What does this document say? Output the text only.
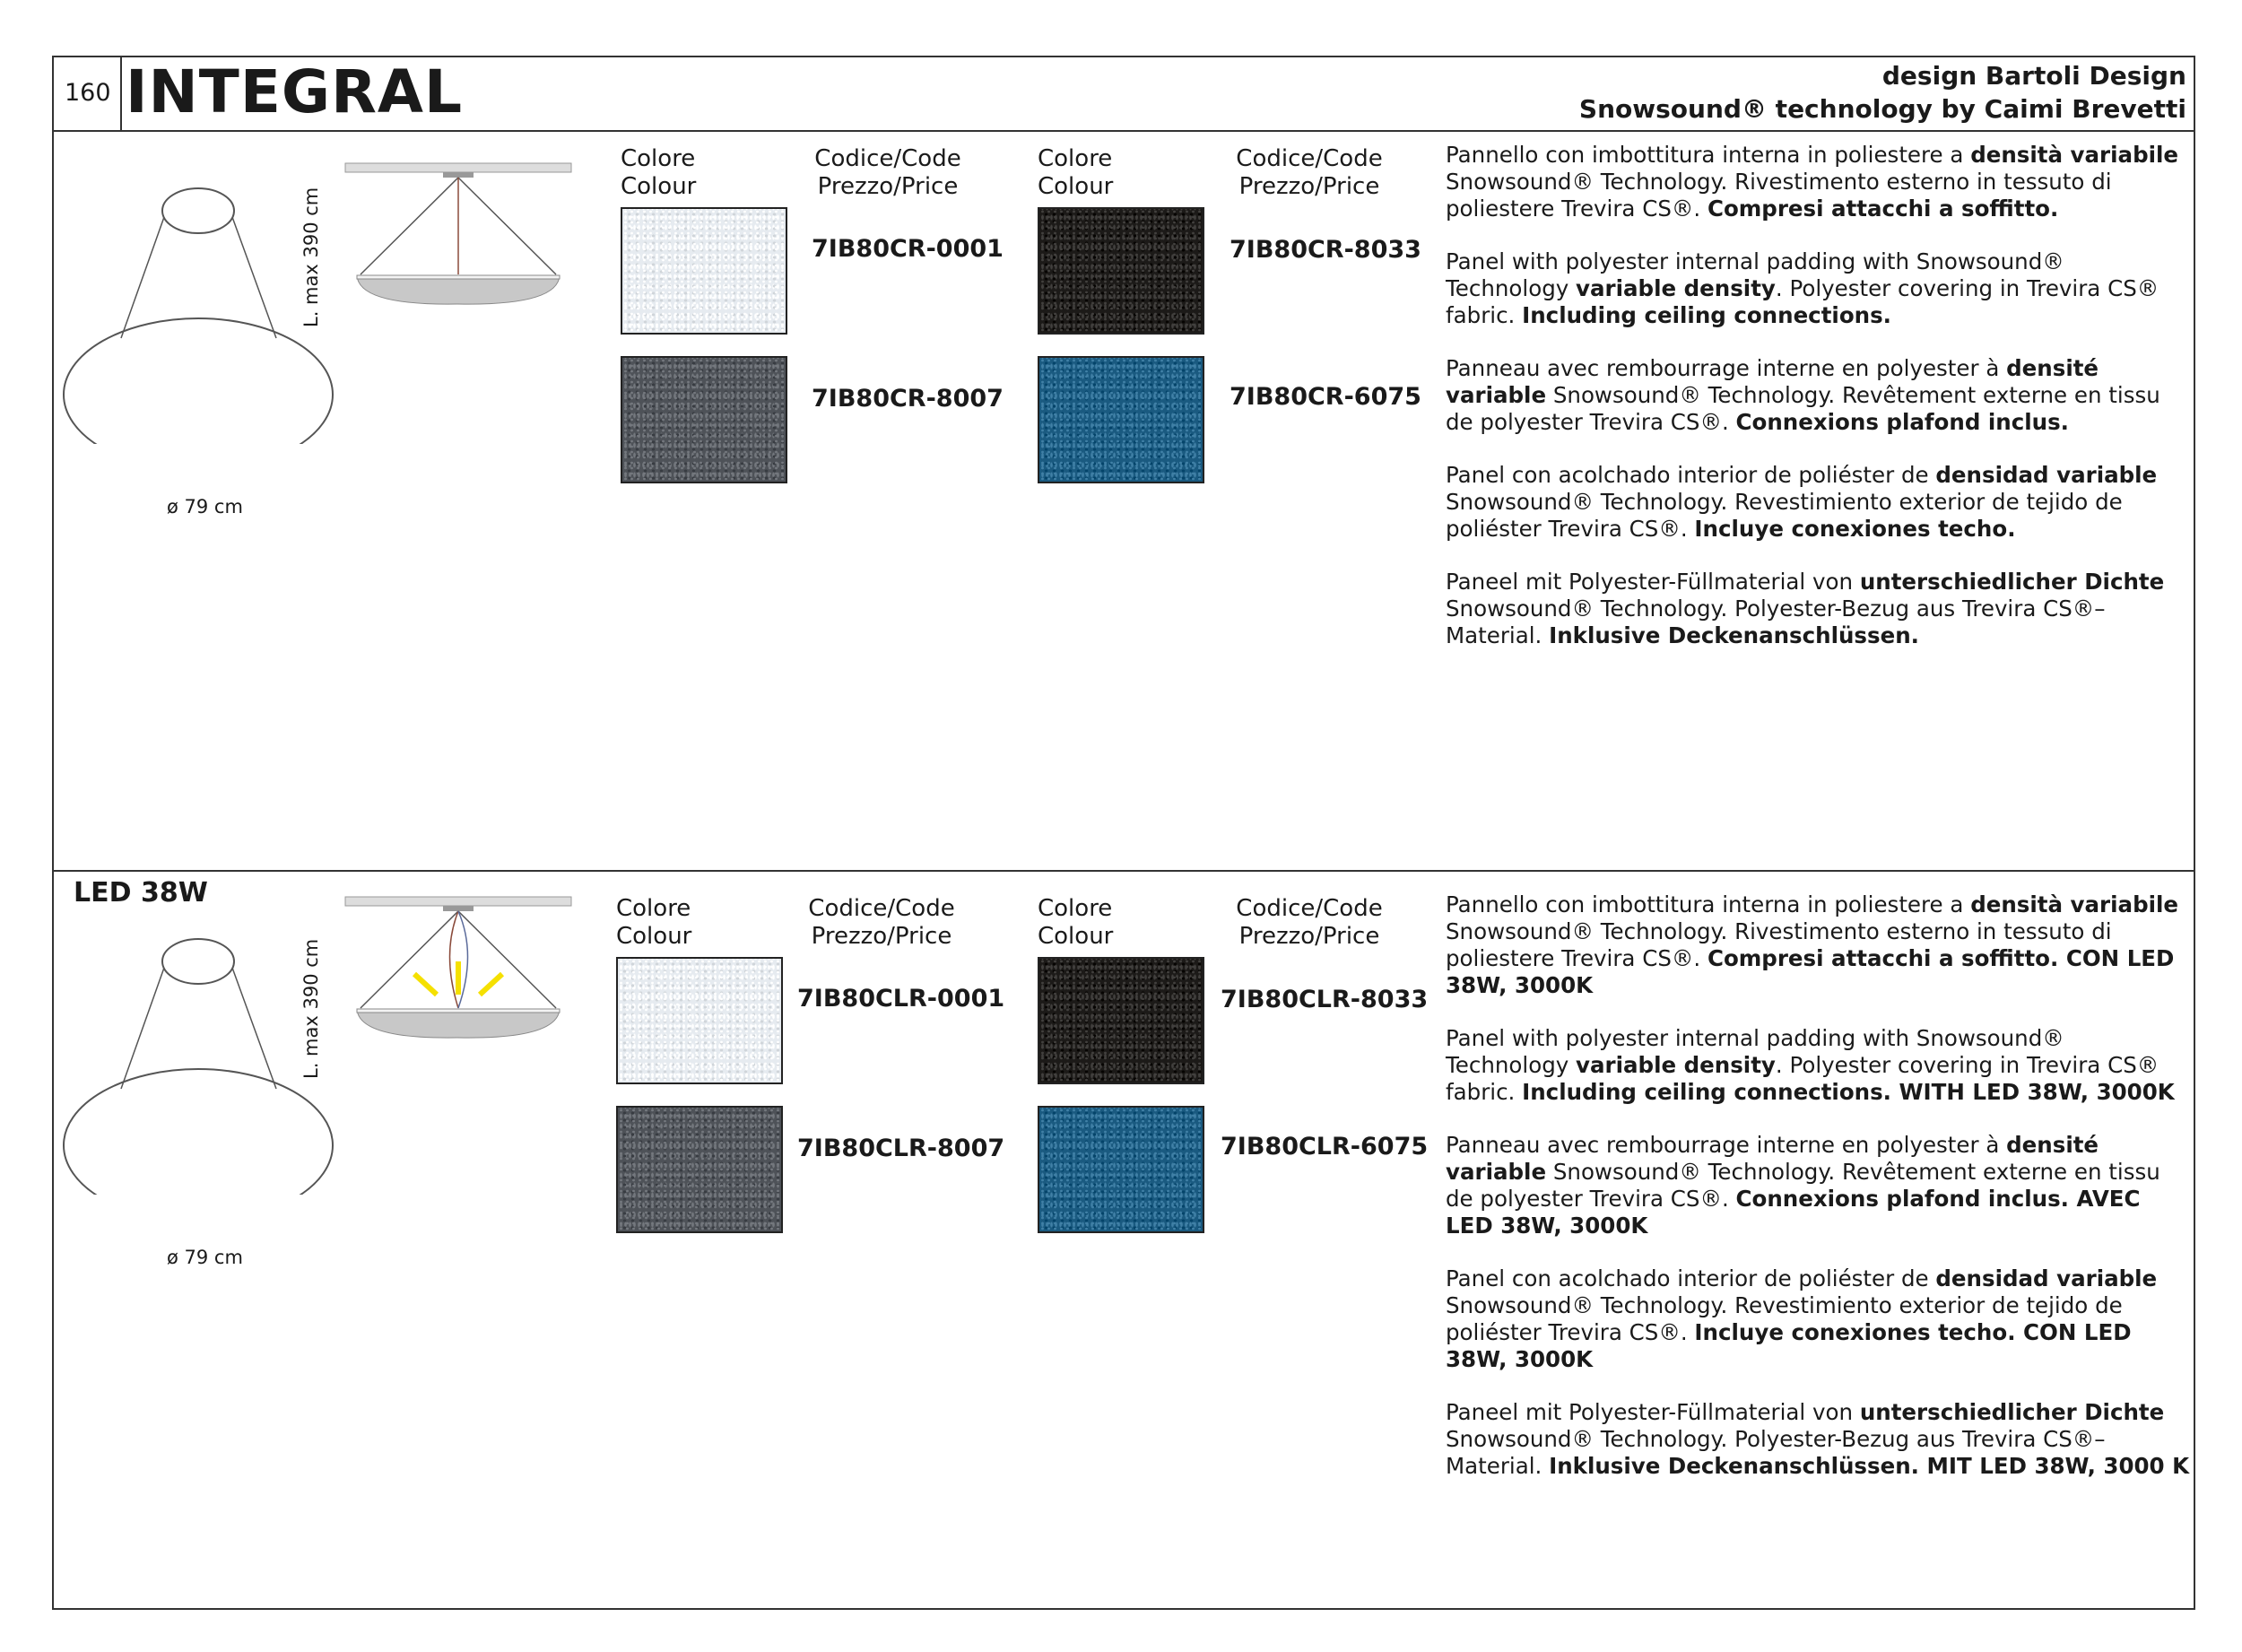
160 INTEGRAL	design Bartoli Design
Snowsound® technology by Caimi Brevetti
L. max 390 cm
ø 79 cm
Colore
Colour
Codice/Code
Prezzo/Price
Colore
Colour
Codice/Code
Prezzo/Price
7IB80CR-0001	7IB80CR-8033
7IB80CR-8007	7IB80CR-6075

Pannello con imbottitura interna in poliestere a densità variabile Snowsound® Technology. Rivestimento esterno in tessuto di poliestere Trevira CS®. Compresi attacchi a soffitto.

Panel with polyester internal padding with Snowsound® Technology variable density. Polyester covering in Trevira CS® fabric. Including ceiling connections.

Panneau avec rembourrage interne en polyester à densité variable Snowsound® Technology. Revêtement externe en tissu de polyester Trevira CS®. Connexions plafond inclus.

Panel con acolchado interior de poliéster de densidad variable Snowsound® Technology. Revestimiento exterior de tejido de poliéster Trevira CS®. Incluye conexiones techo.

Paneel mit Polyester-Füllmaterial von unterschiedlicher Dichte Snowsound® Technology. Polyester-Bezug aus Trevira CS®–Material. Inklusive Deckenanschlüssen.

LED 38W
L. max 390 cm
ø 79 cm
Colore
Colour
Codice/Code
Prezzo/Price
Colore
Colour
Codice/Code
Prezzo/Price
7IB80CLR-0001	7IB80CLR-8033
7IB80CLR-8007	7IB80CLR-6075

Pannello con imbottitura interna in poliestere a densità variabile Snowsound® Technology. Rivestimento esterno in tessuto di poliestere Trevira CS®. Compresi attacchi a soffitto. CON LED 38W, 3000K

Panel with polyester internal padding with Snowsound® Technology variable density. Polyester covering in Trevira CS® fabric. Including ceiling connections. WITH LED 38W, 3000K

Panneau avec rembourrage interne en polyester à densité variable Snowsound® Technology. Revêtement externe en tissu de polyester Trevira CS®. Connexions plafond inclus. AVEC LED 38W, 3000K

Panel con acolchado interior de poliéster de densidad variable Snowsound® Technology. Revestimiento exterior de tejido de poliéster Trevira CS®. Incluye conexiones techo. CON LED 38W, 3000K

Paneel mit Polyester-Füllmaterial von unterschiedlicher Dichte Snowsound® Technology. Polyester-Bezug aus Trevira CS®–Material. Inklusive Deckenanschlüssen. MIT LED 38W, 3000 K
